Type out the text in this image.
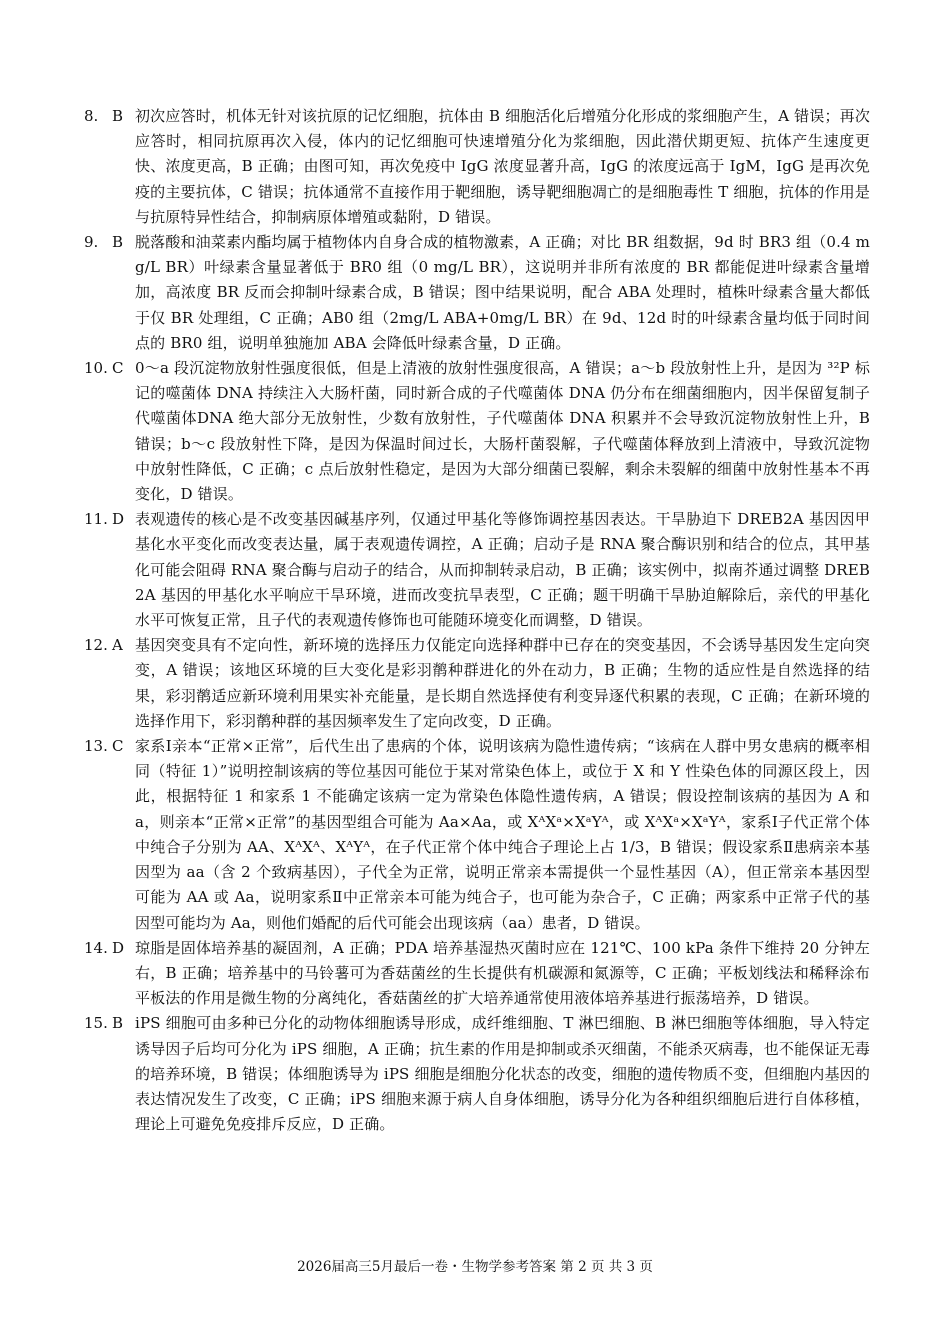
8. B 初次应答时，机体无针对该抗原的记忆细胞，抗体由 B 细胞活化后增殖分化形成的浆细胞产生，A 错误；再次应答时，相同抗原再次入侵，体内的记忆细胞可快速增殖分化为浆细胞，因此潜伏期更短、抗体产生速度更快、浓度更高，B 正确；由图可知，再次免疫中 IgG 浓度显著升高，IgG 的浓度远高于 IgM，IgG 是再次免疫的主要抗体，C 错误；抗体通常不直接作用于靶细胞，诱导靶细胞凋亡的是细胞毒性 T 细胞，抗体的作用是与抗原特异性结合，抑制病原体增殖或黏附，D 错误。
9. B 脱落酸和油菜素内酯均属于植物体内自身合成的植物激素，A 正确；对比 BR 组数据，9d 时 BR3 组（0.4 mg/L BR）叶绿素含量显著低于 BR0 组（0 mg/L BR），这说明并非所有浓度的 BR 都能促进叶绿素含量增加，高浓度 BR 反而会抑制叶绿素合成，B 错误；图中结果说明，配合 ABA 处理时，植株叶绿素含量大都低于仅 BR 处理组，C 正确；AB0 组（2mg/L ABA+0mg/L BR）在 9d、12d 时的叶绿素含量均低于同时间点的 BR0 组，说明单独施加 ABA 会降低叶绿素含量，D 正确。
10. C 0～a 段沉淀物放射性强度很低，但是上清液的放射性强度很高，A 错误；a～b 段放射性上升，是因为 ³²P 标记的噬菌体 DNA 持续注入大肠杆菌，同时新合成的子代噬菌体 DNA 仍分布在细菌细胞内，因半保留复制子代噬菌体DNA 绝大部分无放射性，少数有放射性，子代噬菌体 DNA 积累并不会导致沉淀物放射性上升，B 错误；b～c 段放射性下降，是因为保温时间过长，大肠杆菌裂解，子代噬菌体释放到上清液中，导致沉淀物中放射性降低，C 正确；c 点后放射性稳定，是因为大部分细菌已裂解，剩余未裂解的细菌中放射性基本不再变化，D 错误。
11. D 表观遗传的核心是不改变基因碱基序列，仅通过甲基化等修饰调控基因表达。干旱胁迫下 DREB2A 基因因甲基化水平变化而改变表达量，属于表观遗传调控，A 正确；启动子是 RNA 聚合酶识别和结合的位点，其甲基化可能会阻碍 RNA 聚合酶与启动子的结合，从而抑制转录启动，B 正确；该实例中，拟南芥通过调整 DREB2A 基因的甲基化水平响应干旱环境，进而改变抗旱表型，C 正确；题干明确干旱胁迫解除后，亲代的甲基化水平可恢复正常，且子代的表观遗传修饰也可能随环境变化而调整，D 错误。
12. A 基因突变具有不定向性，新环境的选择压力仅能定向选择种群中已存在的突变基因，不会诱导基因发生定向突变，A 错误；该地区环境的巨大变化是彩羽鹡种群进化的外在动力，B 正确；生物的适应性是自然选择的结果，彩羽鹡适应新环境利用果实补充能量，是长期自然选择使有利变异逐代积累的表现，C 正确；在新环境的选择作用下，彩羽鹡种群的基因频率发生了定向改变，D 正确。
13. C 家系Ⅰ亲本“正常×正常”，后代生出了患病的个体，说明该病为隐性遗传病；“该病在人群中男女患病的概率相同（特征 1）”说明控制该病的等位基因可能位于某对常染色体上，或位于 X 和 Y 性染色体的同源区段上，因此，根据特征 1 和家系 1 不能确定该病一定为常染色体隐性遗传病，A 错误；假设控制该病的基因为 A 和 a，则亲本“正常×正常”的基因型组合可能为 Aa×Aa，或 XᴬXᵃ×XᵃYᴬ，或 XᴬXᵃ×XᵃYᴬ，家系Ⅰ子代正常个体中纯合子分别为 AA、XᴬXᴬ、XᴬYᴬ，在子代正常个体中纯合子理论上占 1/3，B 错误；假设家系Ⅱ患病亲本基因型为 aa（含 2 个致病基因），子代全为正常，说明正常亲本需提供一个显性基因（A），但正常亲本基因型可能为 AA 或 Aa，说明家系Ⅱ中正常亲本可能为纯合子，也可能为杂合子，C 正确；两家系中正常子代的基因型可能均为 Aa，则他们婚配的后代可能会出现该病（aa）患者，D 错误。
14. D 琼脂是固体培养基的凝固剂，A 正确；PDA 培养基湿热灭菌时应在 121℃、100 kPa 条件下维持 20 分钟左右，B 正确；培养基中的马铃薯可为香菇菌丝的生长提供有机碳源和氮源等，C 正确；平板划线法和稀释涂布平板法的作用是微生物的分离纯化，香菇菌丝的扩大培养通常使用液体培养基进行振荡培养，D 错误。
15. B iPS 细胞可由多种已分化的动物体细胞诱导形成，成纤维细胞、T 淋巴细胞、B 淋巴细胞等体细胞，导入特定诱导因子后均可分化为 iPS 细胞，A 正确；抗生素的作用是抑制或杀灭细菌，不能杀灭病毒，也不能保证无毒的培养环境，B 错误；体细胞诱导为 iPS 细胞是细胞分化状态的改变，细胞的遗传物质不变，但细胞内基因的表达情况发生了改变，C 正确；iPS 细胞来源于病人自身体细胞，诱导分化为各种组织细胞后进行自体移植，理论上可避免免疫排斥反应，D 正确。
2026届高三5月最后一卷・生物学参考答案 第 2 页 共 3 页
